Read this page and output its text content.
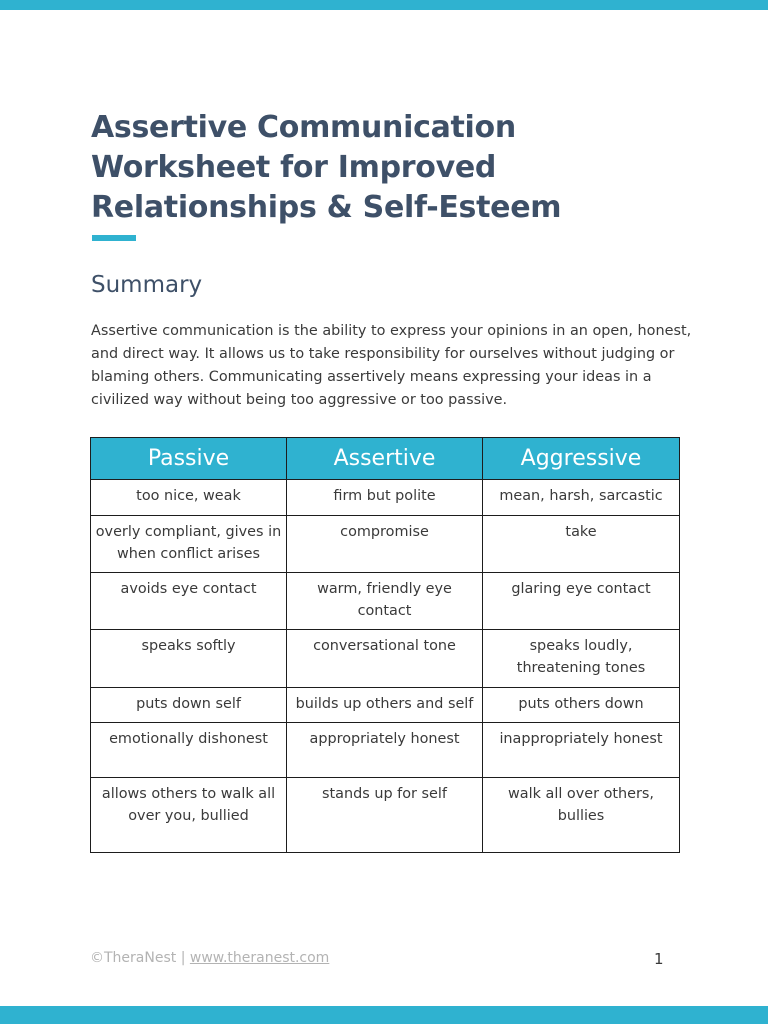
Assertive Communication
Worksheet for Improved
Relationships & Self-Esteem
Summary

Assertive communication is the ability to express your opinions in an open, honest,
and direct way. It allows us to take responsibility for ourselves without judging or
blaming others. Communicating assertively means expressing your ideas in a
civilized way without being too aggressive or too passive.

Passive	Assertive	Aggressive
too nice, weak	firm but polite	mean, harsh, sarcastic
overly compliant, gives in when conflict arises	compromise	take
avoids eye contact	warm, friendly eye contact	glaring eye contact
speaks softly	conversational tone	speaks loudly, threatening tones
puts down self	builds up others and self	puts others down
emotionally dishonest	appropriately honest	inappropriately honest
allows others to walk all over you, bullied	stands up for self	walk all over others, bullies
©TheraNest | www.theranest.com	1
